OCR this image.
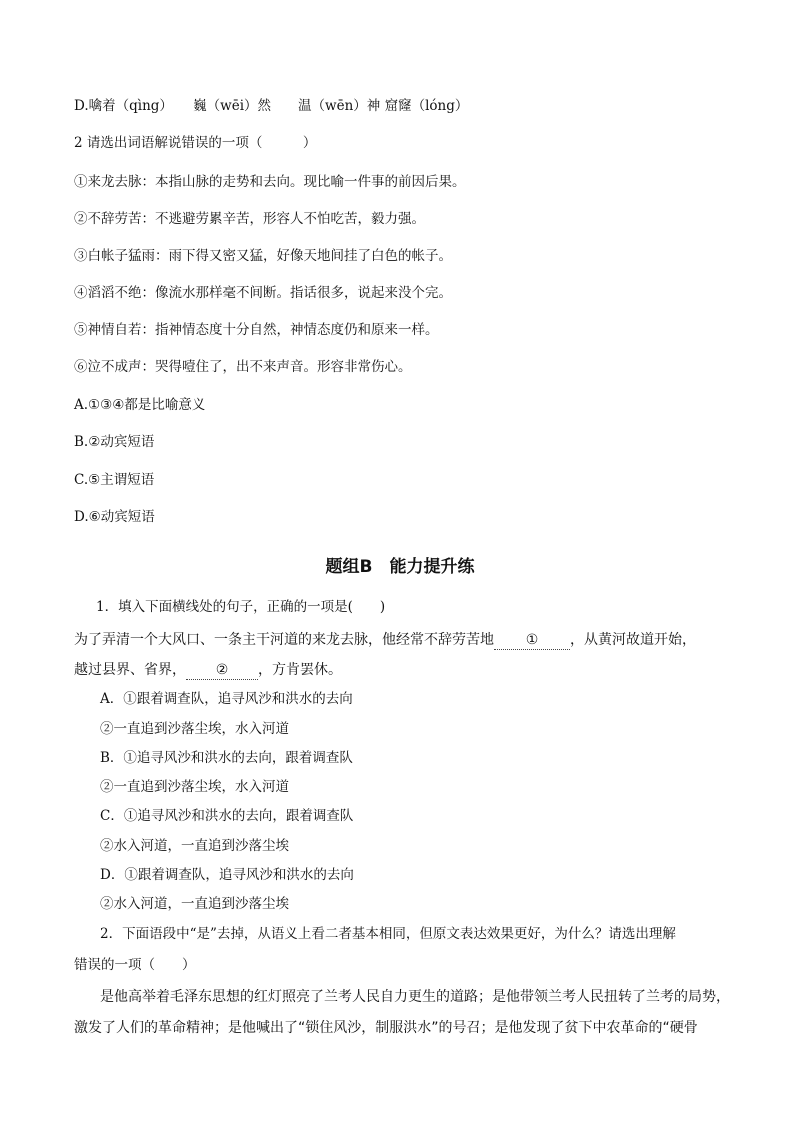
D.噙着（qìng）　　巍（wēi）然　　温（wēn）神 窟窿（lóng）
2 请选出词语解说错误的一项（　　　）
①来龙去脉：本指山脉的走势和去向。现比喻一件事的前因后果。
②不辞劳苦：不逃避劳累辛苦，形容人不怕吃苦，毅力强。
③白帐子猛雨：雨下得又密又猛，好像天地间挂了白色的帐子。
④滔滔不绝：像流水那样毫不间断。指话很多，说起来没个完。
⑤神情自若：指神情态度十分自然，神情态度仍和原来一样。
⑥泣不成声：哭得噎住了，出不来声音。形容非常伤心。
A.①③④都是比喻意义
B.②动宾短语
C.⑤主谓短语
D.⑥动宾短语
题组B　能力提升练
1．填入下面横线处的句子，正确的一项是(　　)
为了弄清一个大风口、一条主干河道的来龙去脉，他经常不辞劳苦地 ① ，从黄河故道开始，
越过县界、省界， ② ，方肯罢休。
A．①跟着调查队，追寻风沙和洪水的去向
②一直追到沙落尘埃，水入河道
B．①追寻风沙和洪水的去向，跟着调查队
②一直追到沙落尘埃，水入河道
C．①追寻风沙和洪水的去向，跟着调查队
②水入河道，一直追到沙落尘埃
D．①跟着调查队，追寻风沙和洪水的去向
②水入河道，一直追到沙落尘埃
2．下面语段中“是”去掉，从语义上看二者基本相同，但原文表达效果更好，为什么？请选出理解
错误的一项（　　）
是他高举着毛泽东思想的红灯照亮了兰考人民自力更生的道路；是他带领兰考人民扭转了兰考的局势，
激发了人们的革命精神；是他喊出了“锁住风沙，制服洪水”的号召；是他发现了贫下中农革命的“硬骨
